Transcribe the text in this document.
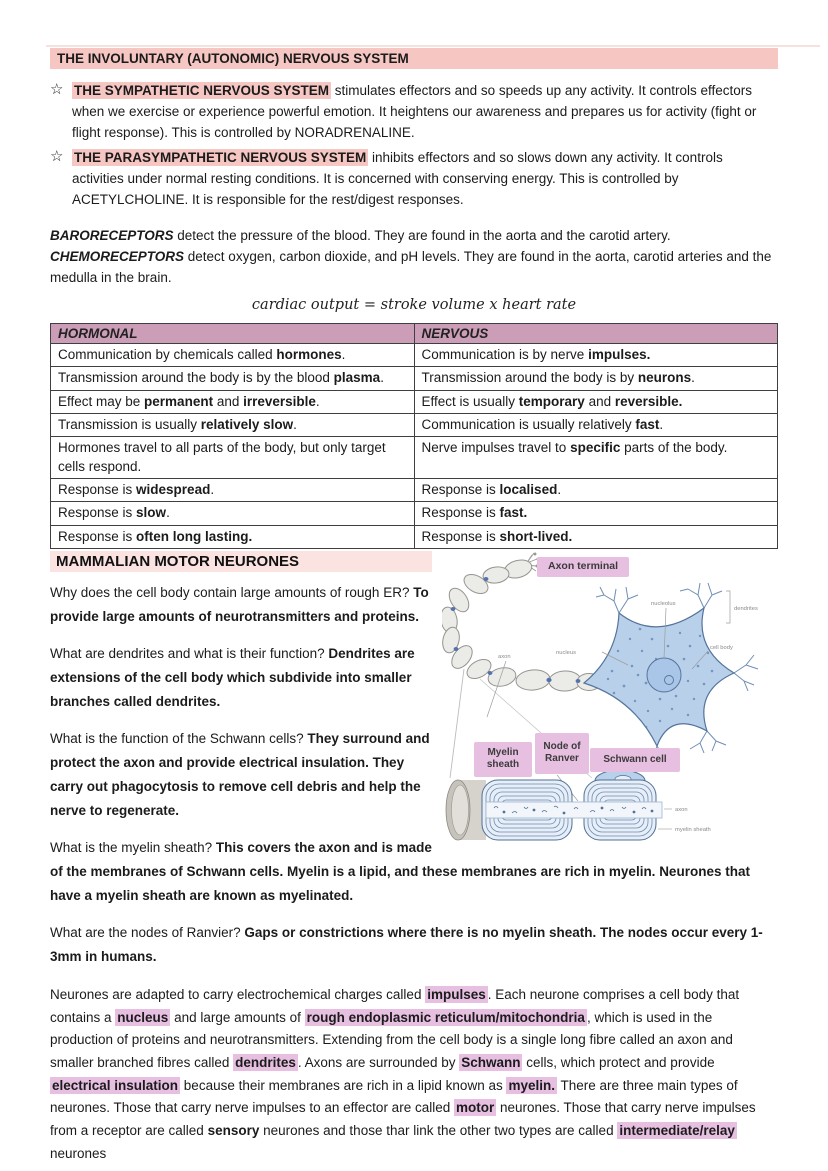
THE INVOLUNTARY (AUTONOMIC) NERVOUS SYSTEM
☆ THE SYMPATHETIC NERVOUS SYSTEM stimulates effectors and so speeds up any activity. It controls effectors when we exercise or experience powerful emotion. It heightens our awareness and prepares us for activity (fight or flight response). This is controlled by NORADRENALINE.
☆ THE PARASYMPATHETIC NERVOUS SYSTEM inhibits effectors and so slows down any activity. It controls activities under normal resting conditions. It is concerned with conserving energy. This is controlled by ACETYLCHOLINE. It is responsible for the rest/digest responses.
BARORECEPTORS detect the pressure of the blood. They are found in the aorta and the carotid artery.
CHEMORECEPTORS detect oxygen, carbon dioxide, and pH levels. They are found in the aorta, carotid arteries and the medulla in the brain.
cardiac output = stroke volume x heart rate
HORMONAL	NERVOUS
Communication by chemicals called hormones.	Communication is by nerve impulses.
Transmission around the body is by the blood plasma.	Transmission around the body is by neurons.
Effect may be permanent and irreversible.	Effect is usually temporary and reversible.
Transmission is usually relatively slow.	Communication is usually relatively fast.
Hormones travel to all parts of the body, but only target cells respond.	Nerve impulses travel to specific parts of the body.
Response is widespread.	Response is localised.
Response is slow.	Response is fast.
Response is often long lasting.	Response is short-lived.
nucleolus
dendrites
nucleus
cell body
axon
axon
myelin sheath
Axon terminal
Myelin sheath
Node of Ranver	Schwann cell
MAMMALIAN MOTOR NEURONES

Why does the cell body contain large amounts of rough ER? To provide large amounts of neurotransmitters and proteins.

What are dendrites and what is their function? Dendrites are extensions of the cell body which subdivide into smaller branches called dendrites.

What is the function of the Schwann cells? They surround and protect the axon and provide electrical insulation. They carry out phagocytosis to remove cell debris and help the nerve to regenerate.

What is the myelin sheath? This covers the axon and is made of the membranes of Schwann cells. Myelin is a lipid, and these membranes are rich in myelin. Neurones that have a myelin sheath are known as myelinated.

What are the nodes of Ranvier? Gaps or constrictions where there is no myelin sheath. The nodes occur every 1-3mm in humans.

Neurones are adapted to carry electrochemical charges called impulses . Each neurone comprises a cell body that contains a nucleus and large amounts of rough endoplasmic reticulum/mitochondria , which is used in the production of proteins and neurotransmitters. Extending from the cell body is a single long fibre called an axon and smaller branched fibres called dendrites . Axons are surrounded by Schwann cells, which protect and provide electrical insulation because their membranes are rich in a lipid known as myelin. There are three main types of neurones. Those that carry nerve impulses to an effector are called motor neurones. Those that carry nerve impulses from a receptor are called sensory neurones and those thar link the other two types are called intermediate/relay neurones
